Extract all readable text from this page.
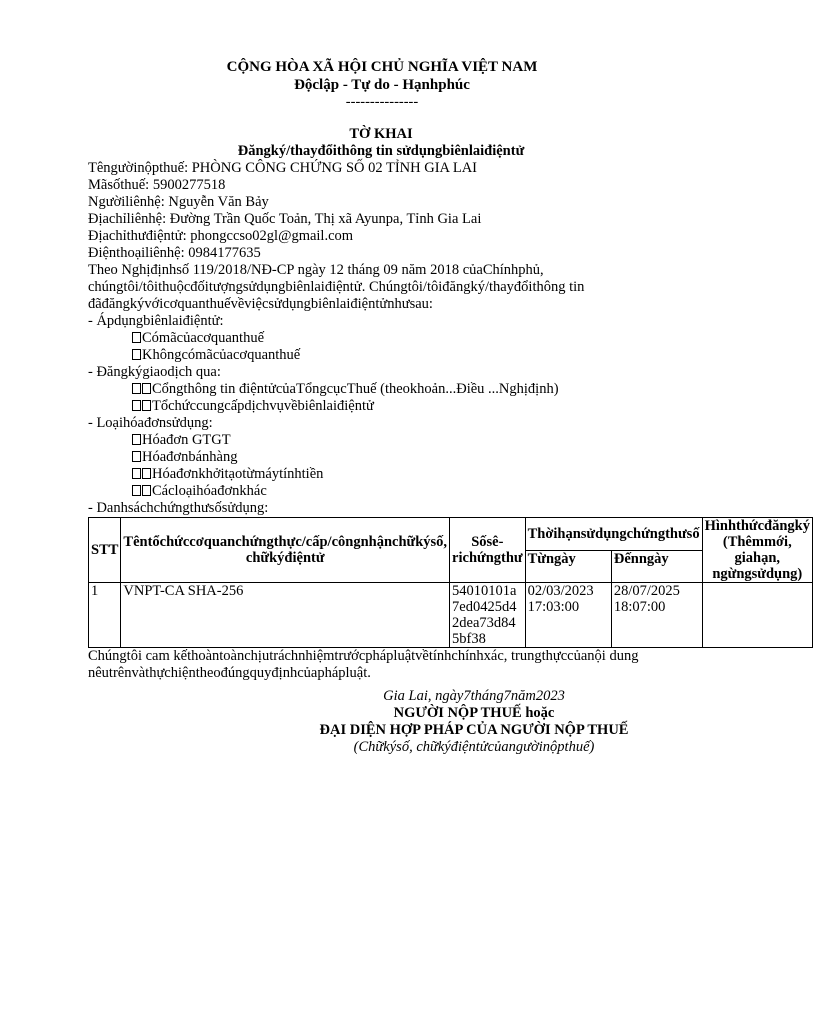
CỘNG HÒA XÃ HỘI CHỦ NGHĨA VIỆT NAM
Độclập - Tự do - Hạnhphúc
---------------
TỜ KHAI
Đăngký/thayđổithông tin sửdụngbiênlaiđiệntử
Têngườinộpthuế: PHÒNG CÔNG CHỨNG SỐ 02 TỈNH GIA LAI
Mãsốthuế: 5900277518
Ngườiliênhệ: Nguyễn Văn Bảy
Địachỉliênhệ: Đường Trần Quốc Toản, Thị xã Ayunpa, Tỉnh Gia Lai
Địachỉthưđiệntử: phongccso02gl@gmail.com
Điệnthoạiliênhệ: 0984177635
Theo Nghịđịnhsố 119/2018/NĐ-CP ngày 12 tháng 09 năm 2018 củaChínhphủ,
chúngtôi/tôithuộcđốitượngsửdụngbiênlaiđiệntử. Chúngtôi/tôiđăngký/thayđổithông tin
đãđăngkývớicơquanthuếvềviệcsửdụngbiênlaiđiệntửnhưsau:
- Ápdụngbiênlaiđiệntử:
Cómãcủacơquanthuế
Khôngcómãcủacơquanthuế
- Đăngkýgiaodịch qua:
Cổngthông tin điệntửcủaTổngcụcThuế (theokhoản...Điều ...Nghịđịnh)
Tổchứccungcấpdịchvụvềbiênlaiđiệntử
- Loạihóađơnsửdụng:
Hóađơn GTGT
Hóađơnbánhàng
Hóađơnkhởitạotừmáytínhtiền
Cácloạihóađơnkhác
- Danhsáchchứngthưsốsửdụng:
STT	Têntổchứccơquanchứngthực/cấp/côngnhậnchữkýsố, chữkýđiệntử	Sốsê-richứngthư	Thờihạnsửdụngchứngthưsố		Hìnhthứcđăngký (Thêmmới, giahạn, ngừngsửdụng)
			Từngày	Đếnngày	
1	VNPT-CA SHA-256	54010101a7ed0425d42dea73d845bf38	02/03/2023 17:03:00	28/07/2025 18:07:00	
Chúngtôi cam kếthoàntoànchịutráchnhiệmtrướcphápluậtvềtínhchínhxác, trungthựccủanội dung
nêutrênvàthựchiệntheođúngquyđịnhcủaphápluật.
Gia Lai, ngày7tháng7năm2023
NGƯỜI NỘP THUẾ hoặc
ĐẠI DIỆN HỢP PHÁP CỦA NGƯỜI NỘP THUẾ
(Chữkýsố, chữkýđiệntửcủangườinộpthuế)
